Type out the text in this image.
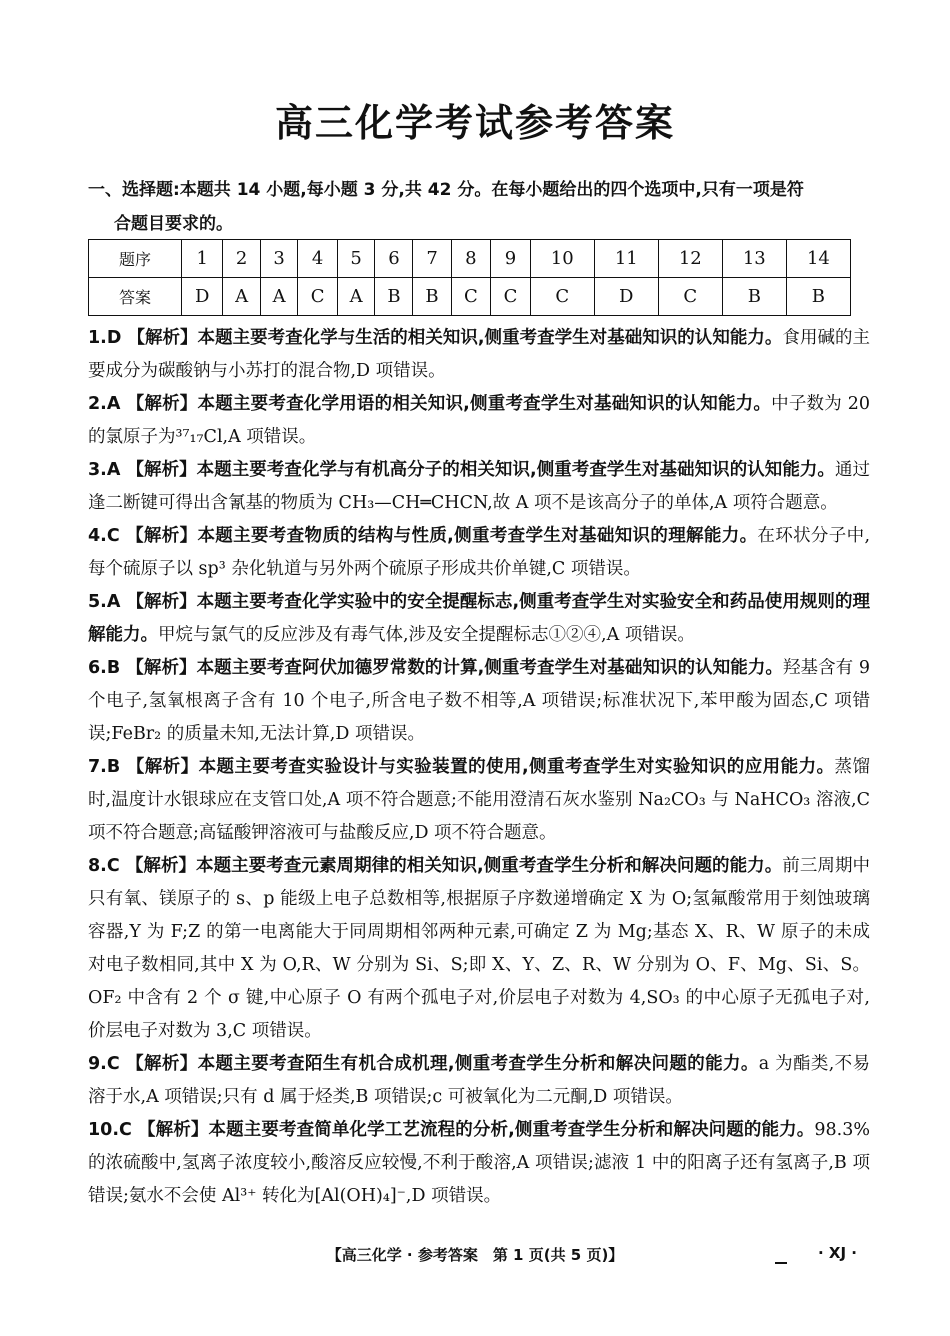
高三化学考试参考答案
一、选择题:本题共 14 小题,每小题 3 分,共 42 分。在每小题给出的四个选项中,只有一项是符
合题目要求的。
题序	1	2	3	4	5	6	7	8	9	10	11	12	13	14
答案	D	A	A	C	A	B	B	C	C	C	D	C	B	B
1.D 【解析】本题主要考查化学与生活的相关知识,侧重考查学生对基础知识的认知能力。食用碱的主要成分为碳酸钠与小苏打的混合物,D 项错误。
2.A 【解析】本题主要考查化学用语的相关知识,侧重考查学生对基础知识的认知能力。中子数为 20 的氯原子为³⁷₁₇Cl,A 项错误。
3.A 【解析】本题主要考查化学与有机高分子的相关知识,侧重考查学生对基础知识的认知能力。通过逢二断键可得出含氰基的物质为 CH₃—CH═CHCN,故 A 项不是该高分子的单体,A 项符合题意。
4.C 【解析】本题主要考查物质的结构与性质,侧重考查学生对基础知识的理解能力。在环状分子中,每个硫原子以 sp³ 杂化轨道与另外两个硫原子形成共价单键,C 项错误。
5.A 【解析】本题主要考查化学实验中的安全提醒标志,侧重考查学生对实验安全和药品使用规则的理解能力。甲烷与氯气的反应涉及有毒气体,涉及安全提醒标志①②④,A 项错误。
6.B 【解析】本题主要考查阿伏加德罗常数的计算,侧重考查学生对基础知识的认知能力。羟基含有 9 个电子,氢氧根离子含有 10 个电子,所含电子数不相等,A 项错误;标准状况下,苯甲酸为固态,C 项错误;FeBr₂ 的质量未知,无法计算,D 项错误。
7.B 【解析】本题主要考查实验设计与实验装置的使用,侧重考查学生对实验知识的应用能力。蒸馏时,温度计水银球应在支管口处,A 项不符合题意;不能用澄清石灰水鉴别 Na₂CO₃ 与 NaHCO₃ 溶液,C 项不符合题意;高锰酸钾溶液可与盐酸反应,D 项不符合题意。
8.C 【解析】本题主要考查元素周期律的相关知识,侧重考查学生分析和解决问题的能力。前三周期中只有氧、镁原子的 s、p 能级上电子总数相等,根据原子序数递增确定 X 为 O;氢氟酸常用于刻蚀玻璃容器,Y 为 F;Z 的第一电离能大于同周期相邻两种元素,可确定 Z 为 Mg;基态 X、R、W 原子的未成对电子数相同,其中 X 为 O,R、W 分别为 Si、S;即 X、Y、Z、R、W 分别为 O、F、Mg、Si、S。OF₂ 中含有 2 个 σ 键,中心原子 O 有两个孤电子对,价层电子对数为 4,SO₃ 的中心原子无孤电子对,价层电子对数为 3,C 项错误。
9.C 【解析】本题主要考查陌生有机合成机理,侧重考查学生分析和解决问题的能力。a 为酯类,不易溶于水,A 项错误;只有 d 属于烃类,B 项错误;c 可被氧化为二元酮,D 项错误。
10.C 【解析】本题主要考查简单化学工艺流程的分析,侧重考查学生分析和解决问题的能力。98.3%的浓硫酸中,氢离子浓度较小,酸溶反应较慢,不利于酸溶,A 项错误;滤液 1 中的阳离子还有氢离子,B 项错误;氨水不会使 Al³⁺ 转化为[Al(OH)₄]⁻,D 项错误。
【高三化学 · 参考答案　第 1 页(共 5 页)】	· XJ ·
